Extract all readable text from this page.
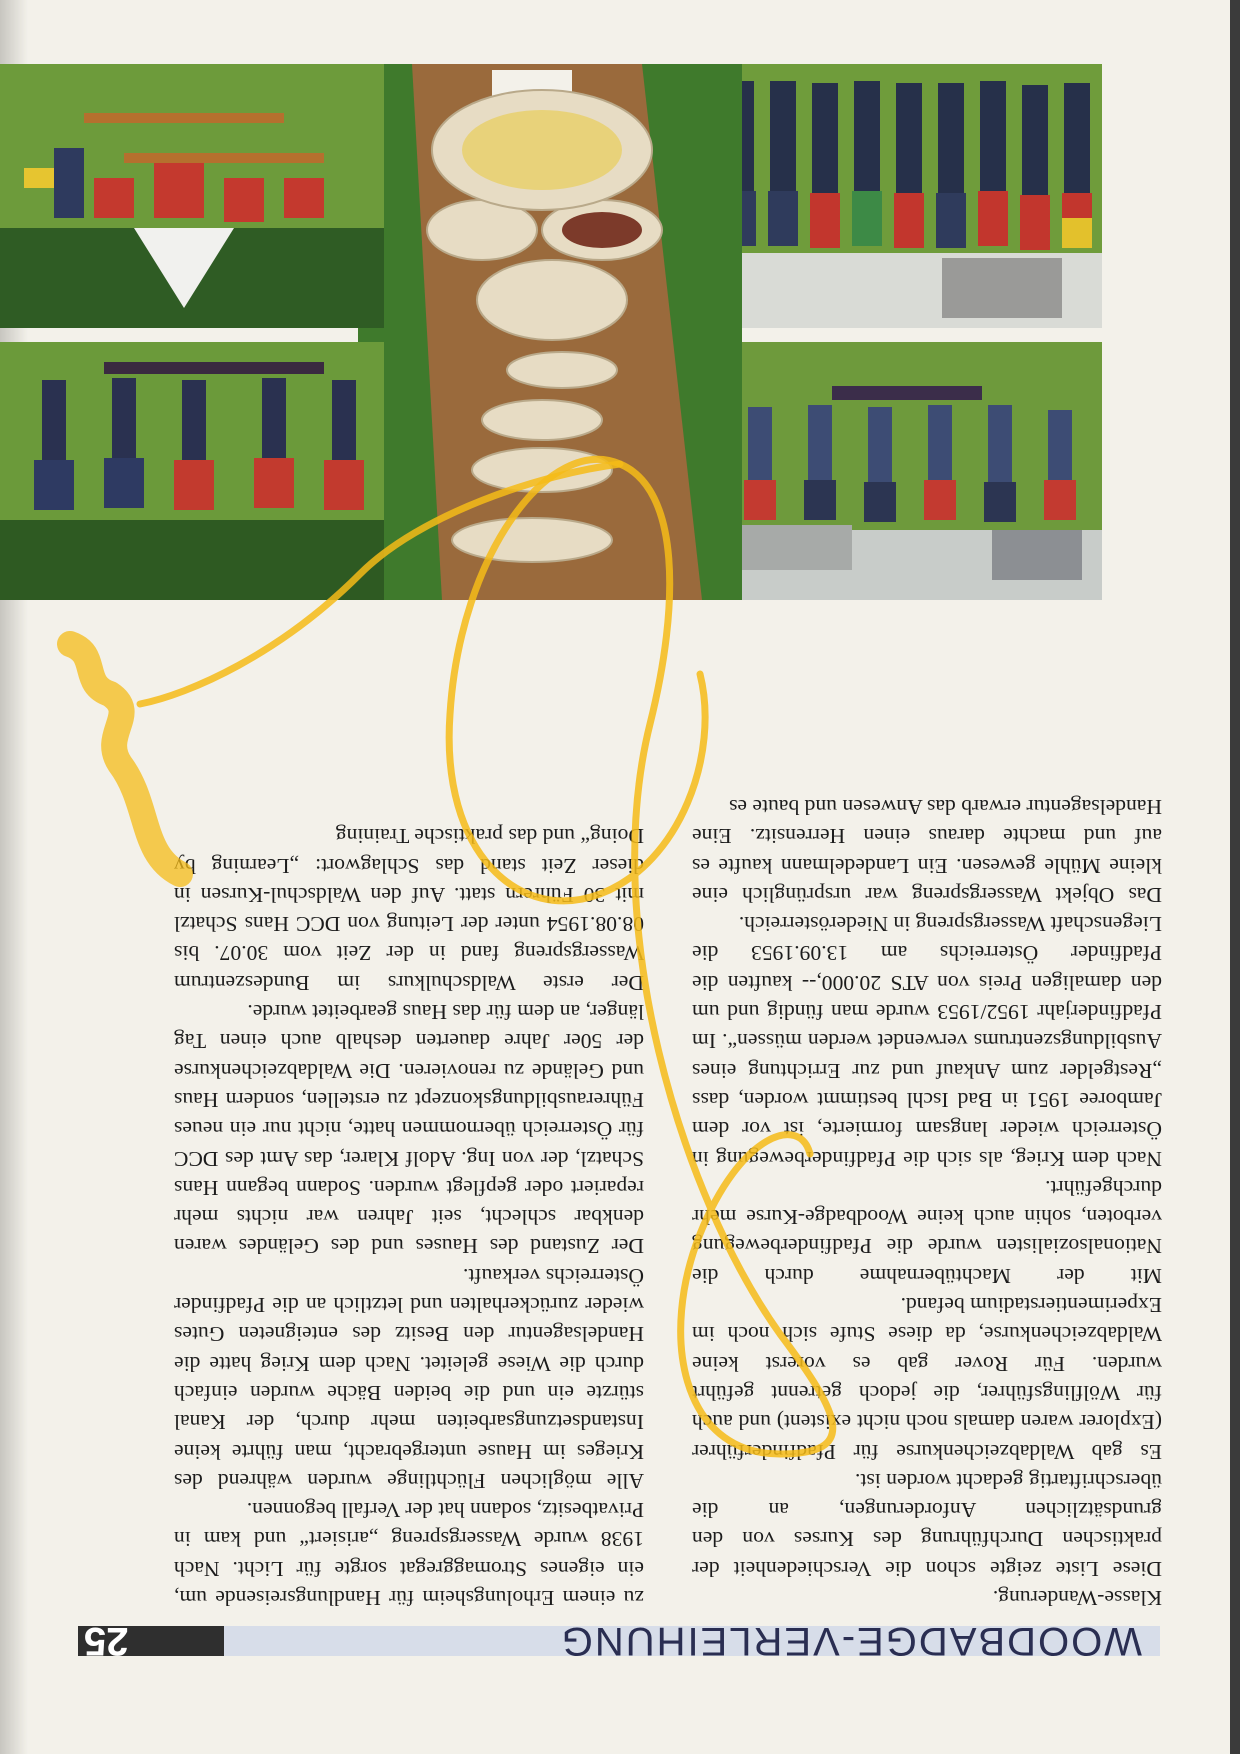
WOODBADGE-VERLEIHUNG
25

Klasse-Wanderung.

Diese Liste zeigte schon die Verschiedenheit der praktischen Durchführung des Kurses von den grundsätzlichen Anforderungen, an die überschriftartig gedacht worden ist.

Es gab Waldabzeichenkurse für Pfadfinderführer (Explorer waren damals noch nicht existent) und auch für Wölflingsführer, die jedoch getrennt geführt wurden. Für Rover gab es vorerst keine Waldabzeichenkurse, da diese Stufe sich noch im Experimentierstadium befand.

Mit der Machtübernahme durch die Nationalsozialisten wurde die Pfadfinderbewegung verboten, sohin auch keine Woodbadge-Kurse mehr durchgeführt.

Nach dem Krieg, als sich die Pfadfinderbewegung in Österreich wieder langsam formierte, ist vor dem Jamboree 1951 in Bad Ischl bestimmt worden, dass „Restgelder zum Ankauf und zur Errichtung eines Ausbildungszentrums verwendet werden müssen“. Im Pfadfinderjahr 1952/1953 wurde man fündig und um den damaligen Preis von ATS 20.000,-- kauften die Pfadfinder Österreichs am 13.09.1953 die Liegenschaft Wassergspreng in Niederösterreich.

Das Objekt Wassergspreng war ursprünglich eine kleine Mühle gewesen. Ein Landedelmann kaufte es auf und machte daraus einen Herrensitz. Eine Handelsagentur erwarb das Anwesen und baute es

zu einem Erholungsheim für Handlungsreisende um, ein eigenes Stromaggregat sorgte für Licht. Nach 1938 wurde Wassergspreng „arisiert“ und kam in Privatbesitz, sodann hat der Verfall begonnen.

Alle möglichen Flüchtlinge wurden während des Krieges im Hause untergebracht, man führte keine Instandsetzungsarbeiten mehr durch, der Kanal stürzte ein und die beiden Bäche wurden einfach durch die Wiese geleitet. Nach dem Krieg hatte die Handelsagentur den Besitz des enteigneten Gutes wieder zurückerhalten und letztlich an die Pfadfinder Österreichs verkauft.

Der Zustand des Hauses und des Geländes waren denkbar schlecht, seit Jahren war nichts mehr repariert oder gepflegt wurden. Sodann begann Hans Schatzl, der von Ing. Adolf Klarer, das Amt des DCC für Österreich übernommen hatte, nicht nur ein neues Führerausbildungskonzept zu erstellen, sondern Haus und Gelände zu renovieren. Die Waldabzeichenkurse der 50er Jahre dauerten deshalb auch einen Tag länger, an dem für das Haus gearbeitet wurde.

Der erste Waldschulkurs im Bundeszentrum Wassergspreng fand in der Zeit vom 30.07. bis 08.08.1954 unter der Leitung von DCC Hans Schatzl mit 30 Führern statt. Auf den Waldschul-Kursen in dieser Zeit stand das Schlagwort: „Learning by Doing“ und das praktische Training
